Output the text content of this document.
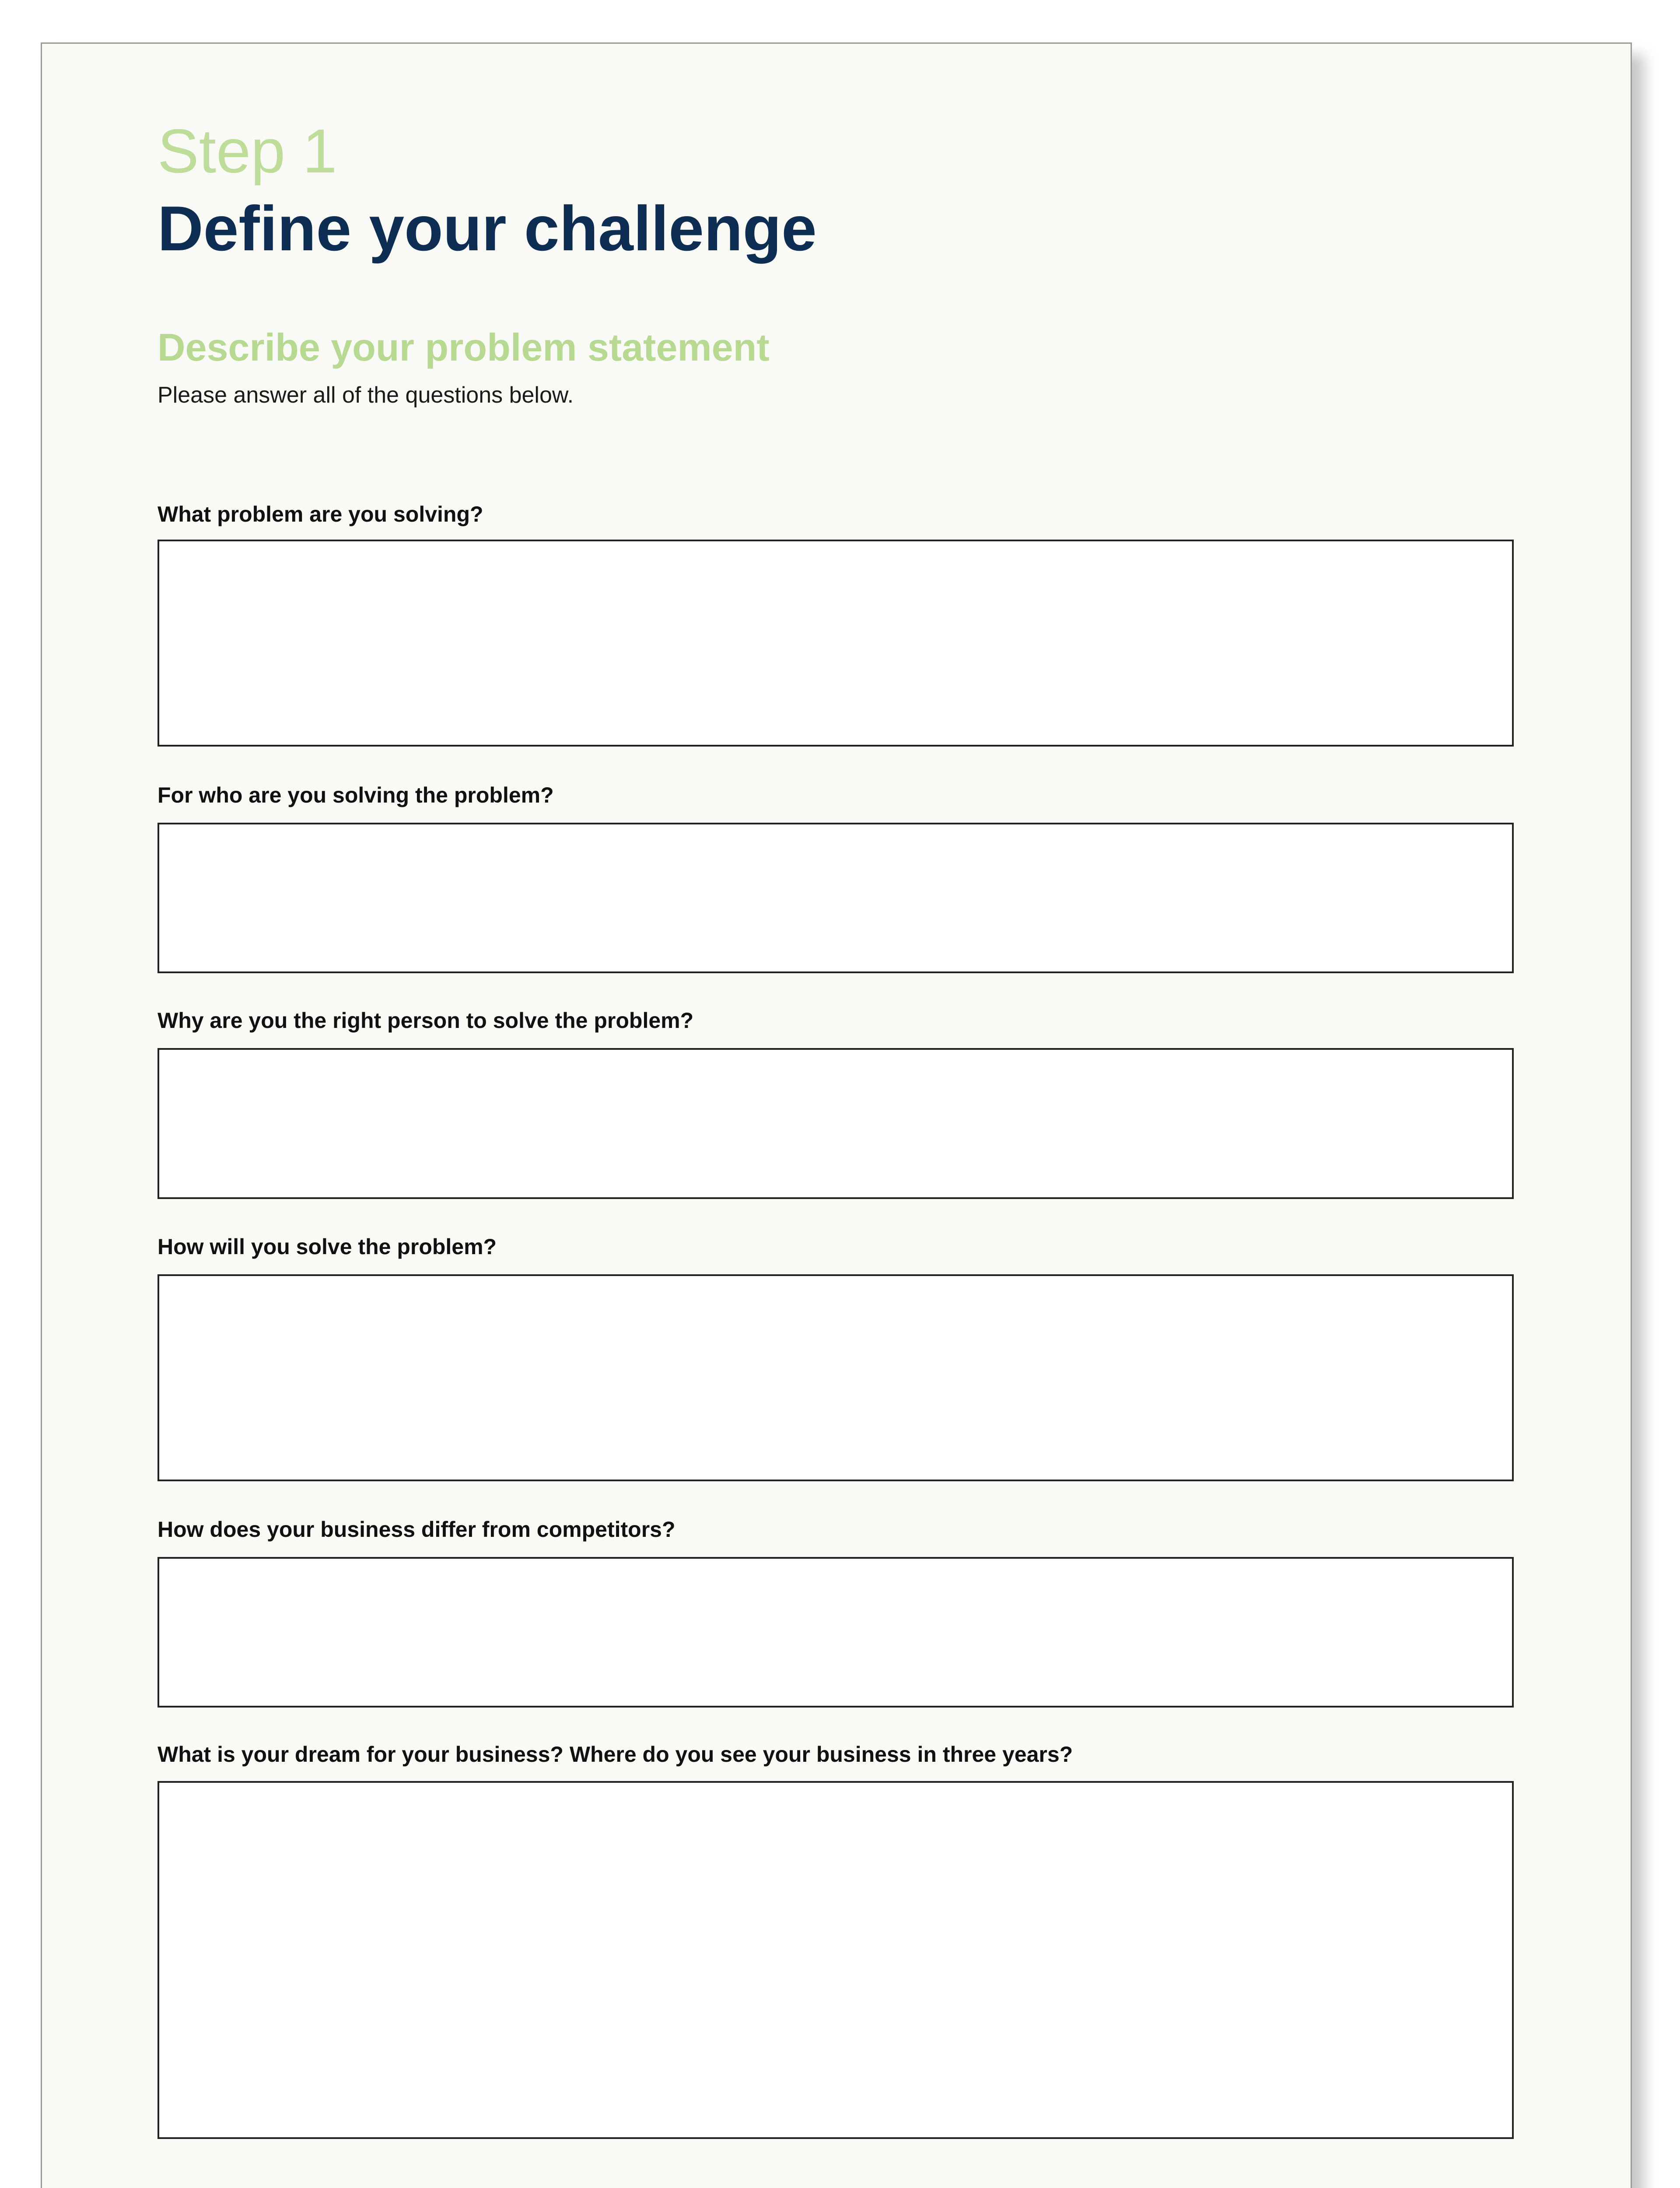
Step 1
Define your challenge
Describe your problem statement
Please answer all of the questions below.
What problem are you solving?
For who are you solving the problem?
Why are you the right person to solve the problem?
How will you solve the problem?
How does your business differ from competitors?
What is your dream for your business? Where do you see your business in three years?
